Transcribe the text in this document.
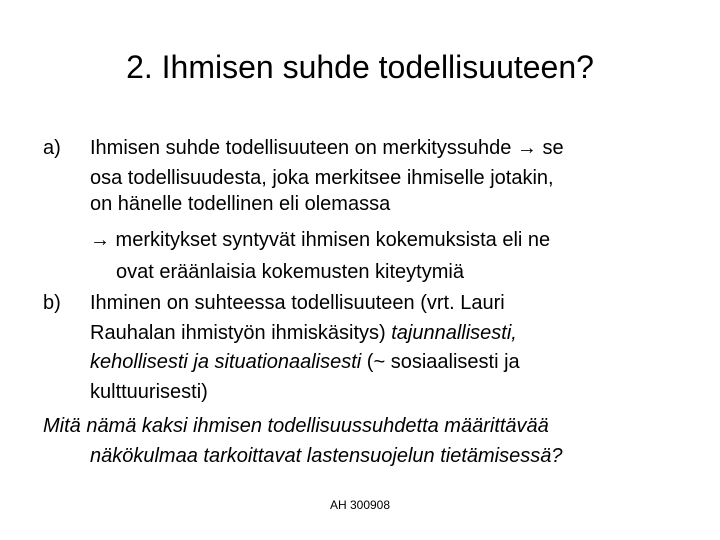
2. Ihmisen suhde todellisuuteen?
a) Ihmisen suhde todellisuuteen on merkityssuhde → se
osa todellisuudesta, joka merkitsee ihmiselle jotakin,
on hänelle todellinen eli olemassa
→ merkitykset syntyvät ihmisen kokemuksista eli ne
ovat eräänlaisia kokemusten kiteytymiä
b) Ihminen on suhteessa todellisuuteen (vrt. Lauri
Rauhalan ihmistyön ihmiskäsitys) tajunnallisesti,
kehollisesti ja situationaalisesti (~ sosiaalisesti ja
kulttuurisesti)
Mitä nämä kaksi ihmisen todellisuussuhdetta määrittävää
näkökulmaa tarkoittavat lastensuojelun tietämisessä?
AH 300908
